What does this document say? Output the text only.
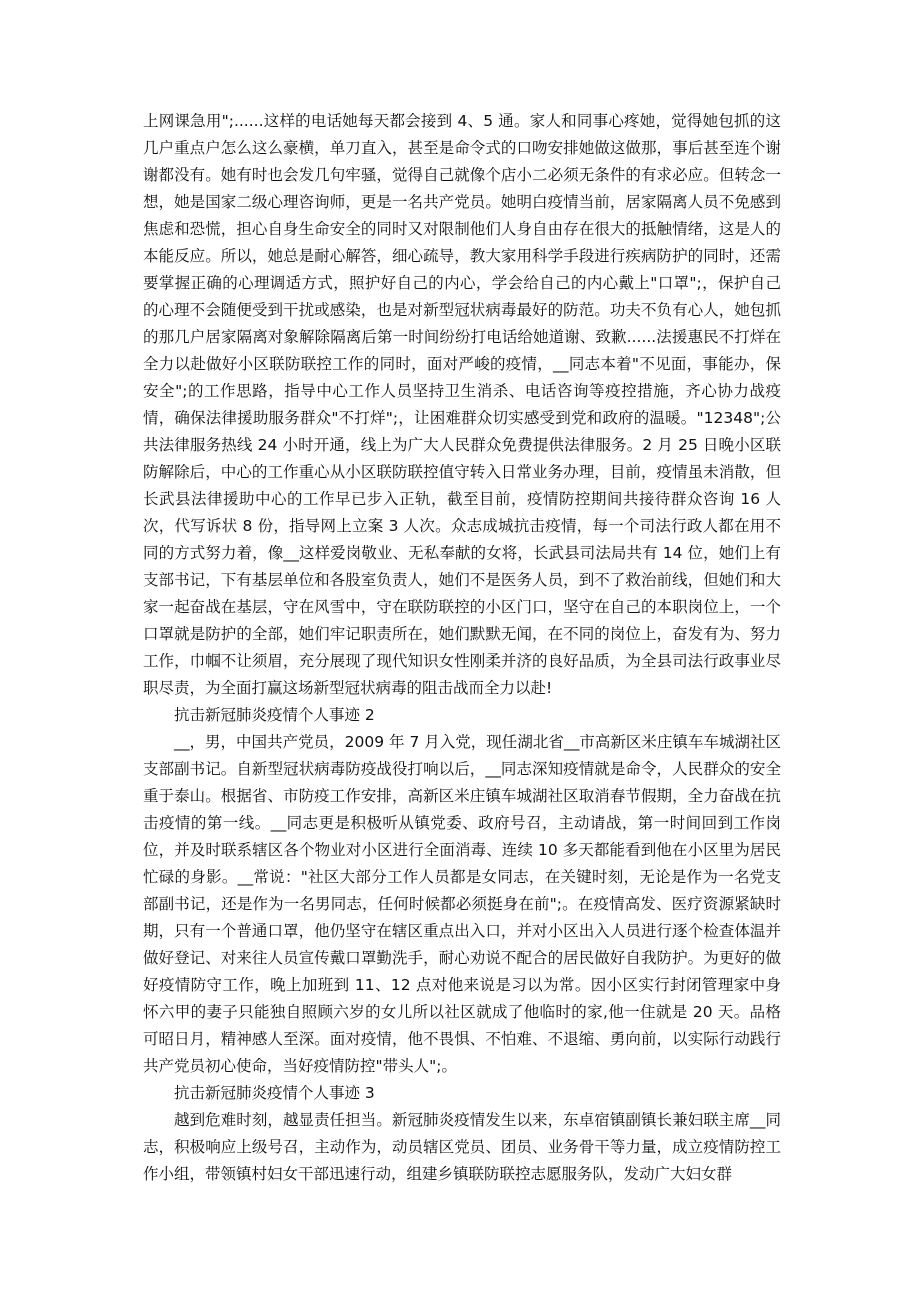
上网课急用";......这样的电话她每天都会接到 4、5 通。家人和同事心疼她，觉得她包抓的这几户重点户怎么这么豪横，单刀直入，甚至是命令式的口吻安排她做这做那，事后甚至连个谢谢都没有。她有时也会发几句牢骚，觉得自己就像个店小二必须无条件的有求必应。但转念一想，她是国家二级心理咨询师，更是一名共产党员。她明白疫情当前，居家隔离人员不免感到焦虑和恐慌，担心自身生命安全的同时又对限制他们人身自由存在很大的抵触情绪，这是人的本能反应。所以，她总是耐心解答，细心疏导，教大家用科学手段进行疾病防护的同时，还需要掌握正确的心理调适方式，照护好自己的内心，学会给自己的内心戴上"口罩";，保护自己的心理不会随便受到干扰或感染，也是对新型冠状病毒最好的防范。功夫不负有心人，她包抓的那几户居家隔离对象解除隔离后第一时间纷纷打电话给她道谢、致歉......法援惠民不打烊在全力以赴做好小区联防联控工作的同时，面对严峻的疫情，__同志本着"不见面，事能办，保安全";的工作思路，指导中心工作人员坚持卫生消杀、电话咨询等疫控措施，齐心协力战疫情，确保法律援助服务群众"不打烊";，让困难群众切实感受到党和政府的温暖。"12348";公共法律服务热线 24 小时开通，线上为广大人民群众免费提供法律服务。2 月 25 日晚小区联防解除后，中心的工作重心从小区联防联控值守转入日常业务办理，目前，疫情虽未消散，但长武县法律援助中心的工作早已步入正轨，截至目前，疫情防控期间共接待群众咨询 16 人次，代写诉状 8 份，指导网上立案 3 人次。众志成城抗击疫情，每一个司法行政人都在用不同的方式努力着，像__这样爱岗敬业、无私奉献的女将，长武县司法局共有 14 位，她们上有支部书记，下有基层单位和各股室负责人，她们不是医务人员，到不了救治前线，但她们和大家一起奋战在基层，守在风雪中，守在联防联控的小区门口，坚守在自己的本职岗位上，一个口罩就是防护的全部，她们牢记职责所在，她们默默无闻，在不同的岗位上，奋发有为、努力工作，巾帼不让须眉，充分展现了现代知识女性刚柔并济的良好品质，为全县司法行政事业尽职尽责，为全面打赢这场新型冠状病毒的阻击战而全力以赴!

抗击新冠肺炎疫情个人事迹 2

__，男，中国共产党员，2009 年 7 月入党，现任湖北省__市高新区米庄镇车车城湖社区支部副书记。自新型冠状病毒防疫战役打响以后，__同志深知疫情就是命令，人民群众的安全重于泰山。根据省、市防疫工作安排，高新区米庄镇车城湖社区取消春节假期，全力奋战在抗击疫情的第一线。__同志更是积极听从镇党委、政府号召，主动请战，第一时间回到工作岗位，并及时联系辖区各个物业对小区进行全面消毒、连续 10 多天都能看到他在小区里为居民忙碌的身影。__常说："社区大部分工作人员都是女同志，在关键时刻，无论是作为一名党支部副书记，还是作为一名男同志，任何时候都必须挺身在前";。在疫情高发、医疗资源紧缺时期，只有一个普通口罩，他仍坚守在辖区重点出入口，并对小区出入人员进行逐个检查体温并做好登记、对来往人员宣传戴口罩勤洗手，耐心劝说不配合的居民做好自我防护。为更好的做好疫情防守工作，晚上加班到 11、12 点对他来说是习以为常。因小区实行封闭管理家中身怀六甲的妻子只能独自照顾六岁的女儿所以社区就成了他临时的家,他一住就是 20 天。品格可昭日月，精神感人至深。面对疫情，他不畏惧、不怕难、不退缩、勇向前，以实际行动践行共产党员初心使命，当好疫情防控"带头人";。

抗击新冠肺炎疫情个人事迹 3

越到危难时刻，越显责任担当。新冠肺炎疫情发生以来，东卓宿镇副镇长兼妇联主席__同志，积极响应上级号召，主动作为，动员辖区党员、团员、业务骨干等力量，成立疫情防控工作小组，带领镇村妇女干部迅速行动，组建乡镇联防联控志愿服务队，发动广大妇女群
